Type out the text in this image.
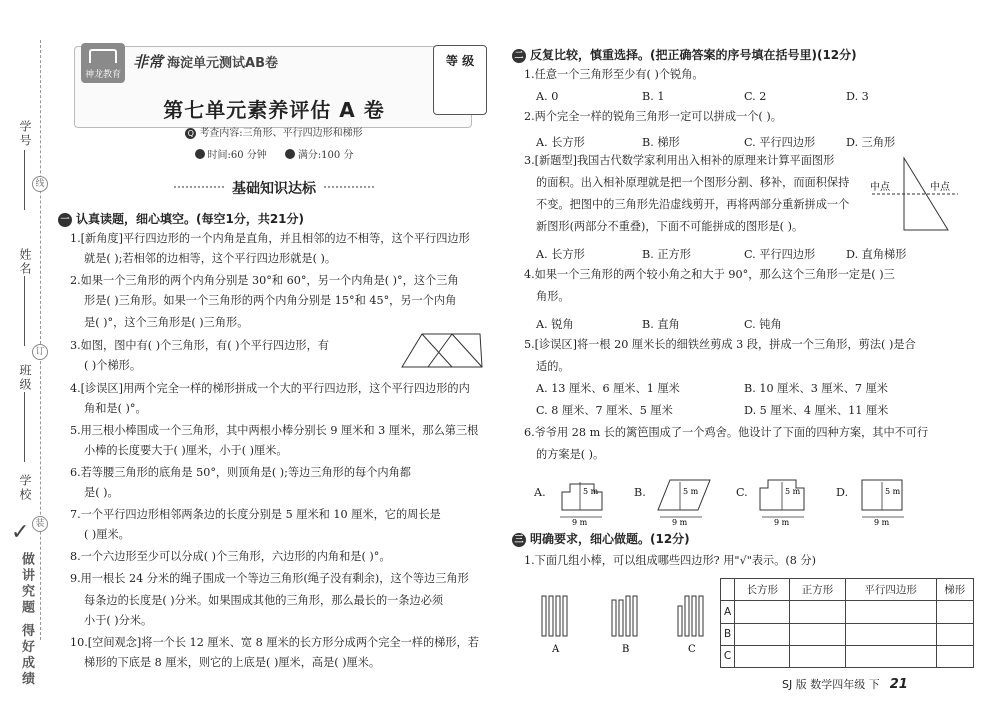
学号
线
姓名
订
班级
学校
装
✓
做讲究题 得好成绩
神龙教育
非常 海淀单元测试AB卷	等 级
第七单元素养评估 A 卷
Q 考查内容:三角形、平行四边形和梯形
时间:60 分钟	满分:100 分
基础知识达标
一 认真读题，细心填空。(每空1分，共21分)
1.[新角度]平行四边形的一个内角是直角，并且相邻的边不相等，这个平行四边形
就是( );若相邻的边相等，这个平行四边形就是( )。
2.如果一个三角形的两个内角分别是 30°和 60°，另一个内角是( )°，这个三角
形是( )三角形。如果一个三角形的两个内角分别是 15°和 45°，另一个内角
是( )°，这个三角形是( )三角形。
3.如图，图中有( )个三角形，有( )个平行四边形，有
( )个梯形。
4.[诊误区]用两个完全一样的梯形拼成一个大的平行四边形，这个平行四边形的内
角和是( )°。
5.用三根小棒围成一个三角形，其中两根小棒分别长 9 厘米和 3 厘米，那么第三根
小棒的长度要大于( )厘米，小于( )厘米。
6.若等腰三角形的底角是 50°，则顶角是( );等边三角形的每个内角都
是( )。
7.一个平行四边形相邻两条边的长度分别是 5 厘米和 10 厘米，它的周长是
( )厘米。
8.一个六边形至少可以分成( )个三角形，六边形的内角和是( )°。
9.用一根长 24 分米的绳子围成一个等边三角形(绳子没有剩余)，这个等边三角形
每条边的长度是( )分米。如果围成其他的三角形，那么最长的一条边必须
小于( )分米。
10.[空间观念]将一个长 12 厘米、宽 8 厘米的长方形分成两个完全一样的梯形，若
梯形的下底是 8 厘米，则它的上底是( )厘米，高是( )厘米。
二 反复比较，慎重选择。(把正确答案的序号填在括号里)(12分)
1.任意一个三角形至少有( )个锐角。
A. 0	B. 1	C. 2	D. 3
2.两个完全一样的锐角三角形一定可以拼成一个( )。
A. 长方形	B. 梯形	C. 平行四边形	D. 三角形
3.[新题型]我国古代数学家利用出入相补的原理来计算平面图形
的面积。出入相补原理就是把一个图形分割、移补，而面积保持
不变。把图中的三角形先沿虚线剪开，再将两部分重新拼成一个
新图形(两部分不重叠)，下面不可能拼成的图形是( )。
中点	中点
A. 长方形	B. 正方形	C. 平行四边形	D. 直角梯形
4.如果一个三角形的两个较小角之和大于 90°，那么这个三角形一定是( )三
角形。
A. 锐角	B. 直角	C. 钝角
5.[诊误区]将一根 20 厘米长的细铁丝剪成 3 段，拼成一个三角形，剪法( )是合
适的。
A. 13 厘米、6 厘米、1 厘米	B. 10 厘米、3 厘米、7 厘米
C. 8 厘米、7 厘米、5 厘米	D. 5 厘米、4 厘米、11 厘米
6.爷爷用 28 m 长的篱笆围成了一个鸡舍。他设计了下面的四种方案，其中不可行
的方案是( )。
A.	5 m
9 m
B.	5 m
9 m
C.	5 m
9 m
D.	5 m
9 m
三 明确要求，细心做题。(12分)
1.下面几组小棒，可以组成哪些四边形? 用"√"表示。(8 分)
A	B	C
	长方形	正方形	平行四边形	梯形
A				
B				
C				
SJ 版 数学四年级 下 21
